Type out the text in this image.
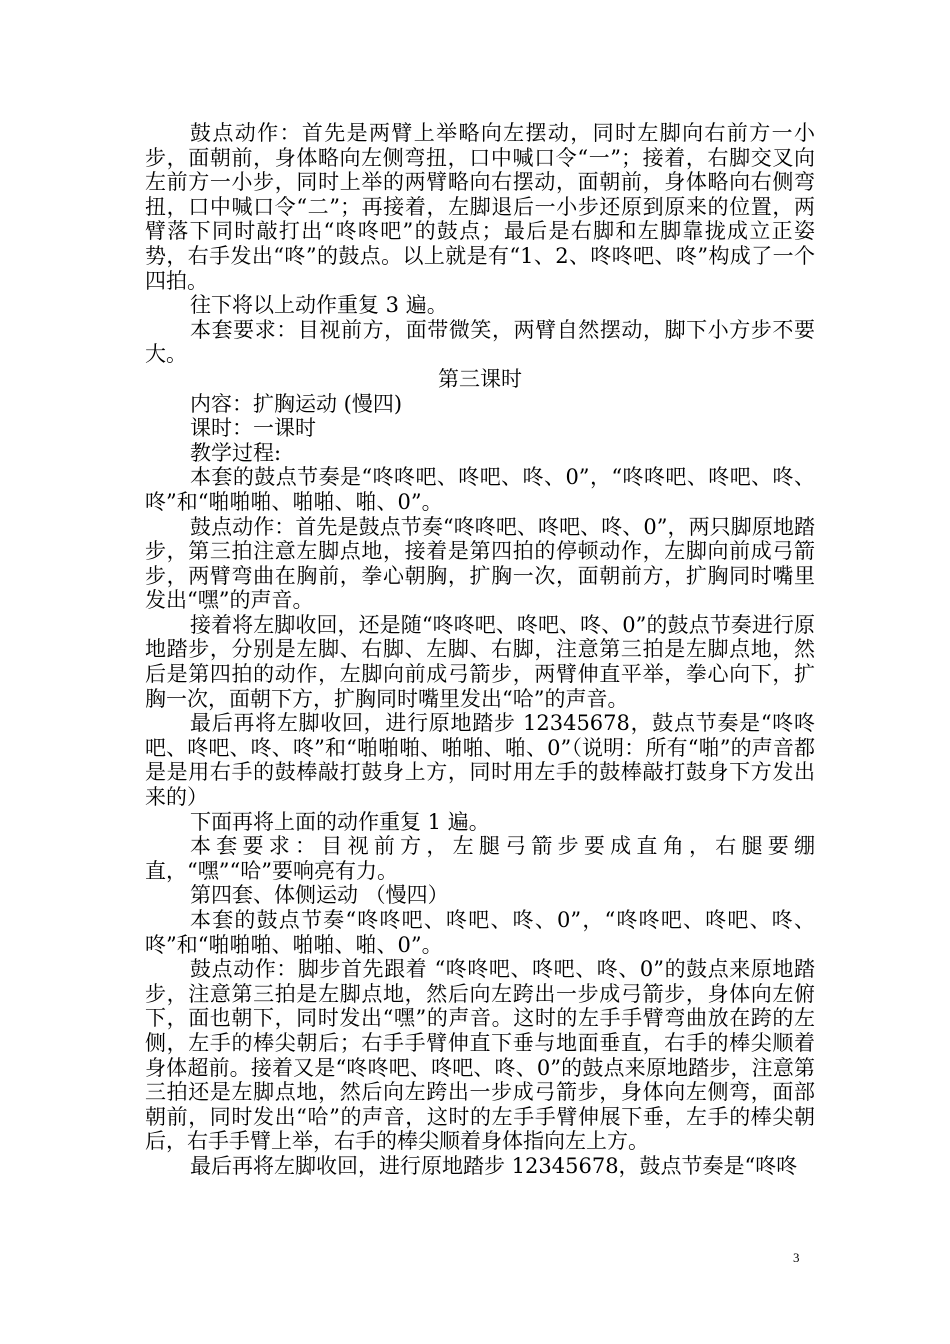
鼓点动作：首先是两臂上举略向左摆动，同时左脚向右前方一小步，面朝前，身体略向左侧弯扭，口中喊口令“一”；接着，右脚交叉向左前方一小步，同时上举的两臂略向右摆动，面朝前，身体略向右侧弯扭，口中喊口令“二”；再接着，左脚退后一小步还原到原来的位置，两臂落下同时敲打出“咚咚吧”的鼓点；最后是右脚和左脚靠拢成立正姿势，右手发出“咚”的鼓点。以上就是有“1、2、咚咚吧、咚”构成了一个四拍。

往下将以上动作重复 3 遍。

本套要求：目视前方，面带微笑，两臂自然摆动，脚下小方步不要大。

第三课时

内容：扩胸运动 (慢四)

课时：一课时

教学过程:

本套的鼓点节奏是“咚咚吧、咚吧、咚、0”，“咚咚吧、咚吧、咚、咚”和“啪啪啪、啪啪、啪、0”。

鼓点动作：首先是鼓点节奏“咚咚吧、咚吧、咚、0”，两只脚原地踏步，第三拍注意左脚点地，接着是第四拍的停顿动作，左脚向前成弓箭步，两臂弯曲在胸前，拳心朝胸，扩胸一次，面朝前方，扩胸同时嘴里发出“嘿”的声音。

接着将左脚收回，还是随“咚咚吧、咚吧、咚、0”的鼓点节奏进行原地踏步，分别是左脚、右脚、左脚、右脚，注意第三拍是左脚点地，然后是第四拍的动作，左脚向前成弓箭步，两臂伸直平举，拳心向下，扩胸一次，面朝下方，扩胸同时嘴里发出“哈”的声音。

最后再将左脚收回，进行原地踏步 12345678，鼓点节奏是“咚咚吧、咚吧、咚、咚”和“啪啪啪、啪啪、啪、0”（说明：所有“啪”的声音都是是用右手的鼓棒敲打鼓身上方，同时用左手的鼓棒敲打鼓身下方发出来的）

下面再将上面的动作重复 1 遍。

本套要求：目视前方，左腿弓箭步要成直角，右腿要绷直，“嘿”“哈”要响亮有力。

第四套、体侧运动 （慢四）

本套的鼓点节奏“咚咚吧、咚吧、咚、0”，“咚咚吧、咚吧、咚、咚”和“啪啪啪、啪啪、啪、0”。

鼓点动作：脚步首先跟着 “咚咚吧、咚吧、咚、0”的鼓点来原地踏步，注意第三拍是左脚点地，然后向左跨出一步成弓箭步，身体向左俯下，面也朝下，同时发出“嘿”的声音。这时的左手手臂弯曲放在跨的左侧，左手的棒尖朝后；右手手臂伸直下垂与地面垂直，右手的棒尖顺着身体超前。接着又是“咚咚吧、咚吧、咚、0”的鼓点来原地踏步，注意第三拍还是左脚点地，然后向左跨出一步成弓箭步，身体向左侧弯，面部朝前，同时发出“哈”的声音，这时的左手手臂伸展下垂，左手的棒尖朝后，右手手臂上举，右手的棒尖顺着身体指向左上方。

最后再将左脚收回，进行原地踏步 12345678，鼓点节奏是“咚咚

3
